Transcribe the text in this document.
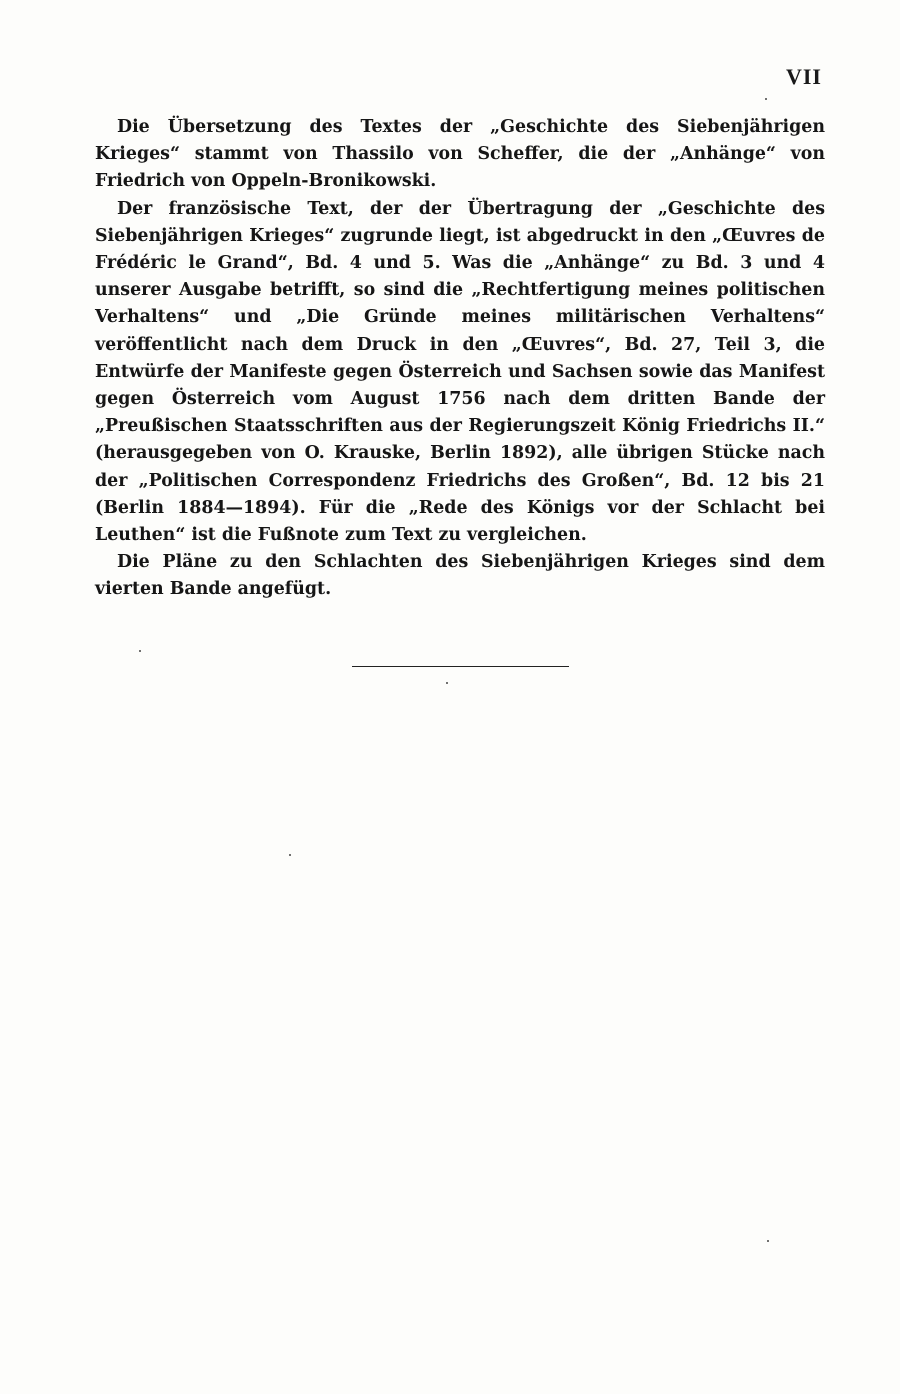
VII

Die Übersetzung des Textes der „Geschichte des Siebenjährigen Krieges“ stammt von Thassilo von Scheffer, die der „Anhänge“ von Friedrich von Oppeln-Bronikowski.

Der französische Text, der der Übertragung der „Geschichte des Siebenjährigen Krieges“ zugrunde liegt, ist abgedruckt in den „Œuvres de Frédéric le Grand“, Bd. 4 und 5. Was die „Anhänge“ zu Bd. 3 und 4 unserer Ausgabe betrifft, so sind die „Rechtfertigung meines politischen Verhaltens“ und „Die Gründe meines militärischen Verhaltens“ veröffentlicht nach dem Druck in den „Œuvres“, Bd. 27, Teil 3, die Entwürfe der Manifeste gegen Österreich und Sachsen sowie das Manifest gegen Österreich vom August 1756 nach dem dritten Bande der „Preußischen Staatsschriften aus der Regierungszeit König Friedrichs II.“ (herausgegeben von O. Krauske, Berlin 1892), alle übrigen Stücke nach der „Politischen Correspondenz Friedrichs des Großen“, Bd. 12 bis 21 (Berlin 1884—1894). Für die „Rede des Königs vor der Schlacht bei Leuthen“ ist die Fußnote zum Text zu vergleichen.

Die Pläne zu den Schlachten des Siebenjährigen Krieges sind dem vierten Bande angefügt.
